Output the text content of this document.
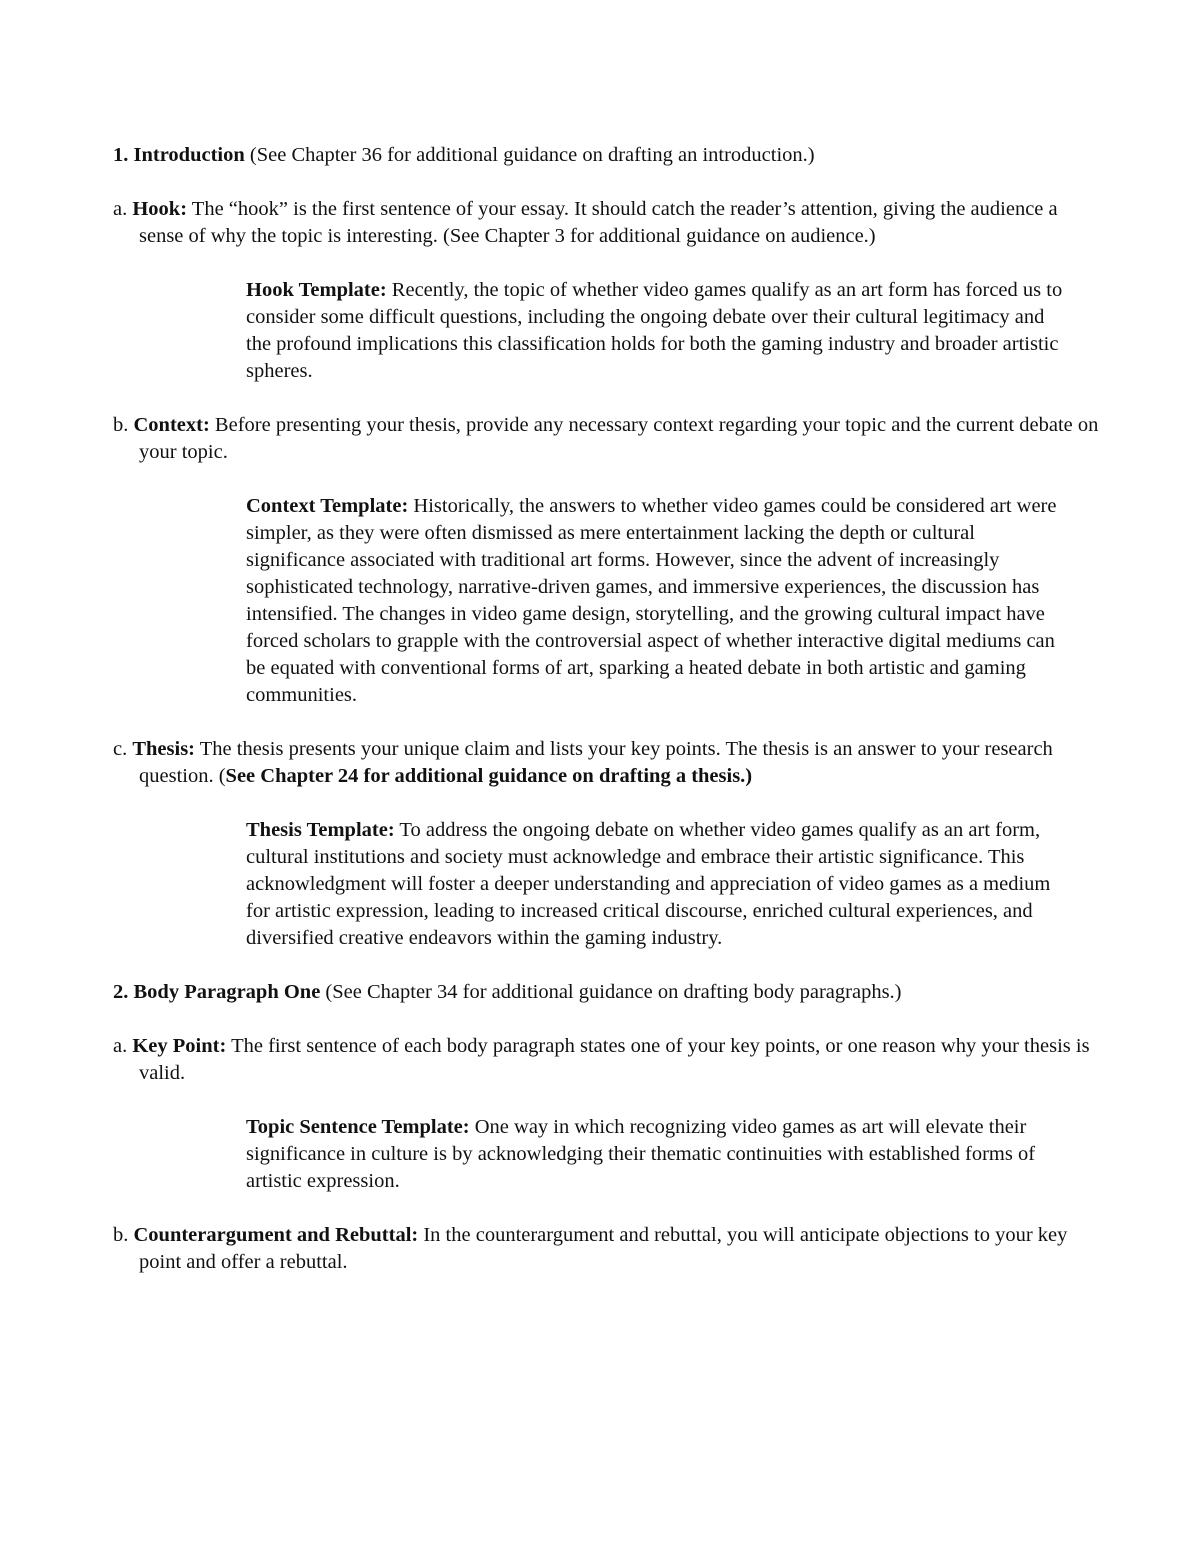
1. Introduction (See Chapter 36 for additional guidance on drafting an introduction.)

a. Hook: The “hook” is the first sentence of your essay. It should catch the reader’s attention, giving the audience a sense of why the topic is interesting. (See Chapter 3 for additional guidance on audience.)

Hook Template: Recently, the topic of whether video games qualify as an art form has forced us to consider some difficult questions, including the ongoing debate over their cultural legitimacy and the profound implications this classification holds for both the gaming industry and broader artistic spheres.

b. Context: Before presenting your thesis, provide any necessary context regarding your topic and the current debate on your topic.

Context Template: Historically, the answers to whether video games could be considered art were simpler, as they were often dismissed as mere entertainment lacking the depth or cultural significance associated with traditional art forms. However, since the advent of increasingly sophisticated technology, narrative-driven games, and immersive experiences, the discussion has intensified. The changes in video game design, storytelling, and the growing cultural impact have forced scholars to grapple with the controversial aspect of whether interactive digital mediums can be equated with conventional forms of art, sparking a heated debate in both artistic and gaming communities.

c. Thesis: The thesis presents your unique claim and lists your key points. The thesis is an answer to your research question. (See Chapter 24 for additional guidance on drafting a thesis.)

Thesis Template: To address the ongoing debate on whether video games qualify as an art form, cultural institutions and society must acknowledge and embrace their artistic significance. This acknowledgment will foster a deeper understanding and appreciation of video games as a medium for artistic expression, leading to increased critical discourse, enriched cultural experiences, and diversified creative endeavors within the gaming industry.

2. Body Paragraph One (See Chapter 34 for additional guidance on drafting body paragraphs.)

a. Key Point: The first sentence of each body paragraph states one of your key points, or one reason why your thesis is valid.

Topic Sentence Template: One way in which recognizing video games as art will elevate their significance in culture is by acknowledging their thematic continuities with established forms of artistic expression.

b. Counterargument and Rebuttal: In the counterargument and rebuttal, you will anticipate objections to your key point and offer a rebuttal.
